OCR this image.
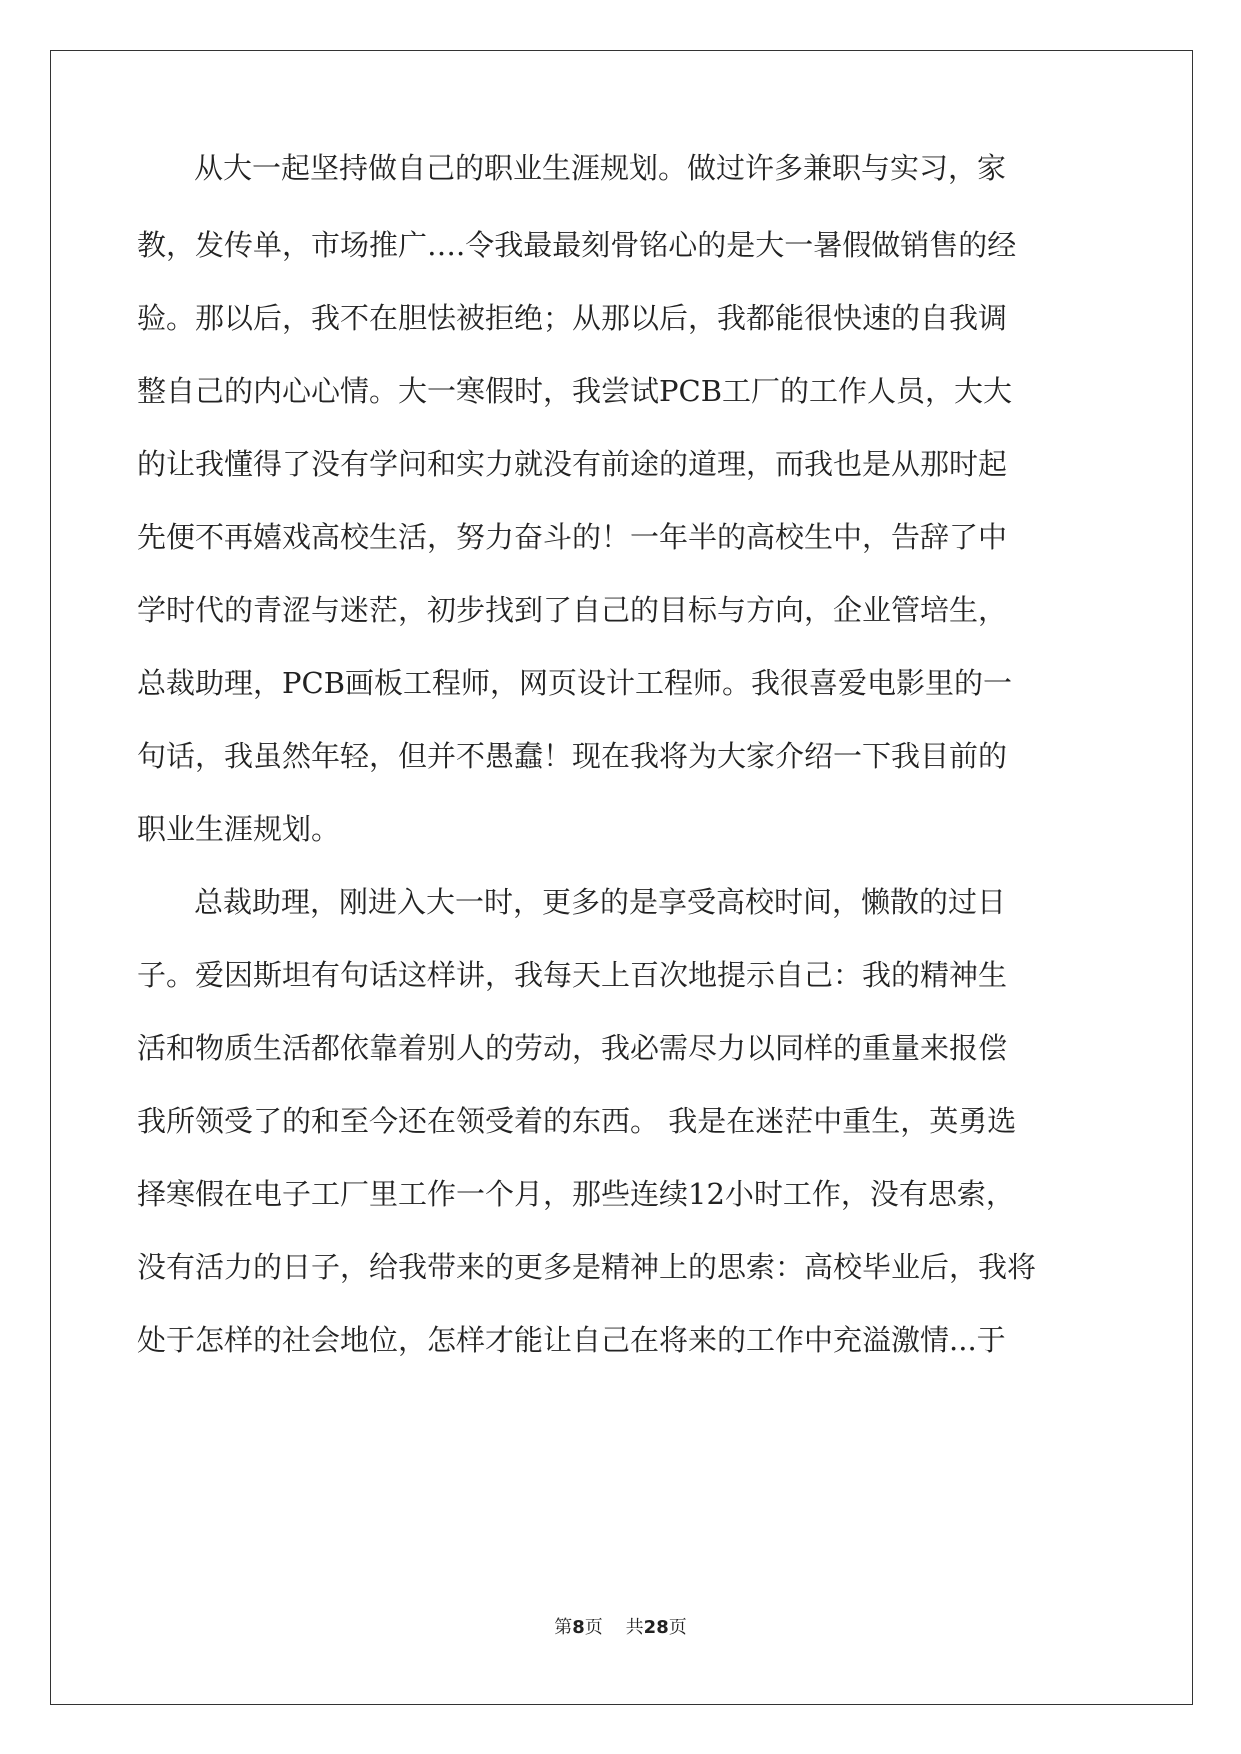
从大一起坚持做自己的职业生涯规划。做过许多兼职与实习，家
教，发传单，市场推广….令我最最刻骨铭心的是大一暑假做销售的经
验。那以后，我不在胆怯被拒绝；从那以后，我都能很快速的自我调
整自己的内心心情。大一寒假时，我尝试PCB工厂的工作人员，大大
的让我懂得了没有学问和实力就没有前途的道理，而我也是从那时起
先便不再嬉戏高校生活，努力奋斗的！一年半的高校生中，告辞了中
学时代的青涩与迷茫，初步找到了自己的目标与方向，企业管培生，
总裁助理，PCB画板工程师，网页设计工程师。我很喜爱电影里的一
句话，我虽然年轻，但并不愚蠢！现在我将为大家介绍一下我目前的
职业生涯规划。
总裁助理，刚进入大一时，更多的是享受高校时间，懒散的过日
子。爱因斯坦有句话这样讲，我每天上百次地提示自己：我的精神生
活和物质生活都依靠着别人的劳动，我必需尽力以同样的重量来报偿
我所领受了的和至今还在领受着的东西。 我是在迷茫中重生，英勇选
择寒假在电子工厂里工作一个月，那些连续12小时工作，没有思索，
没有活力的日子，给我带来的更多是精神上的思索：高校毕业后，我将
处于怎样的社会地位，怎样才能让自己在将来的工作中充溢激情...于
第8页 共28页
